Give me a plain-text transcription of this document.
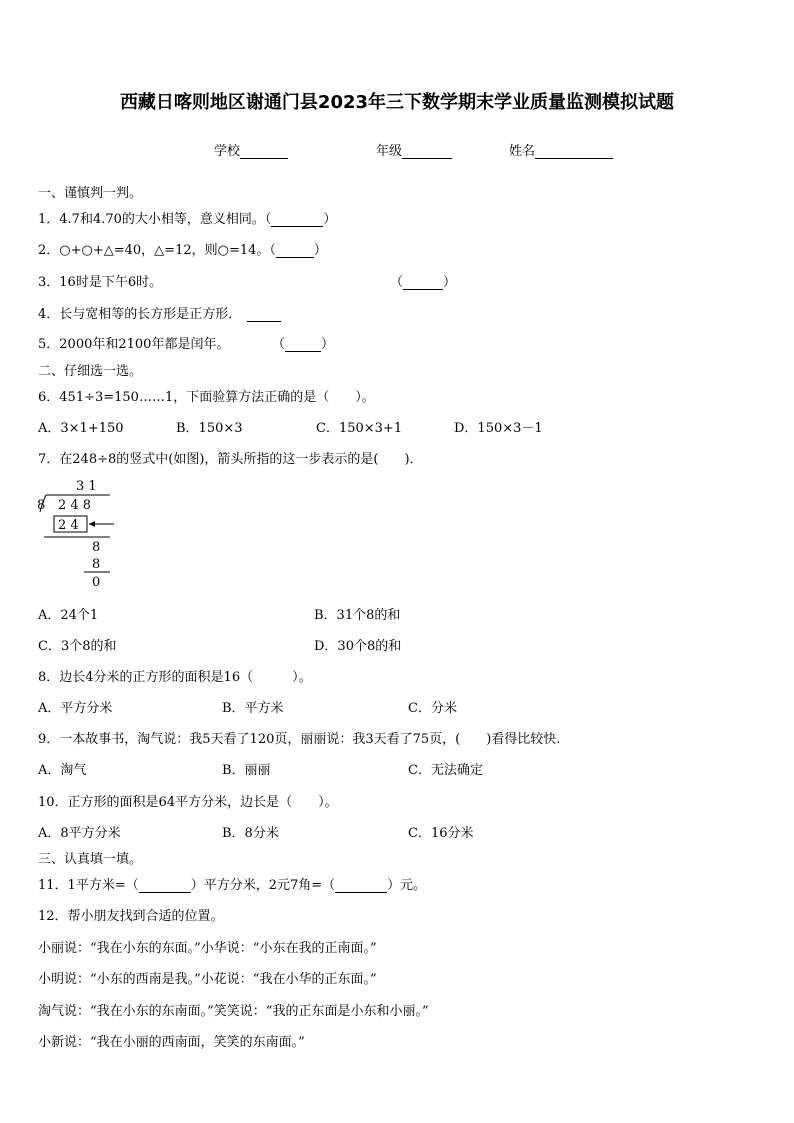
西藏日喀则地区谢通门县2023年三下数学期末学业质量监测模拟试题
学校	年级	姓名
一、谨慎判一判。
1．4.7和4.70的大小相等，意义相同。（	）
2．○+○+△=40，△=12，则○=14。（	）
3．16时是下午6时。	（	）
4．长与宽相等的长方形是正方形．
5．2000年和2100年都是闰年。	（	）
二、仔细选一选。
6．451÷3=150……1，下面验算方法正确的是（　　）。
A．3×1+150	B．150×3	C．150×3+1	D．150×3－1
7．在248÷8的竖式中(如图)，箭头所指的这一步表示的是(　　)．
3 1
8 2 4 8
2 4
8
8
0
A．24个1	B．31个8的和
C．3个8的和	D．30个8的和
8．边长4分米的正方形的面积是16（　　　）。
A．平方分米	B．平方米	C．分米
9．一本故事书，淘气说：我5天看了120页，丽丽说：我3天看了75页，(　　)看得比较快.
A．淘气	B．丽丽	C．无法确定
10．正方形的面积是64平方分米，边长是（　　）。
A．8平方分米	B．8分米	C．16分米
三、认真填一填。
11．1平方米=（	）平方分米，2元7角=（	）元。
12．帮小朋友找到合适的位置。
小丽说：“我在小东的东面。”小华说：“小东在我的正南面。”
小明说：“小东的西南是我。”小花说：“我在小华的正东面。”
淘气说：“我在小东的东南面。”笑笑说：“我的正东面是小东和小丽。”
小新说：“我在小丽的西南面，笑笑的东南面。”
